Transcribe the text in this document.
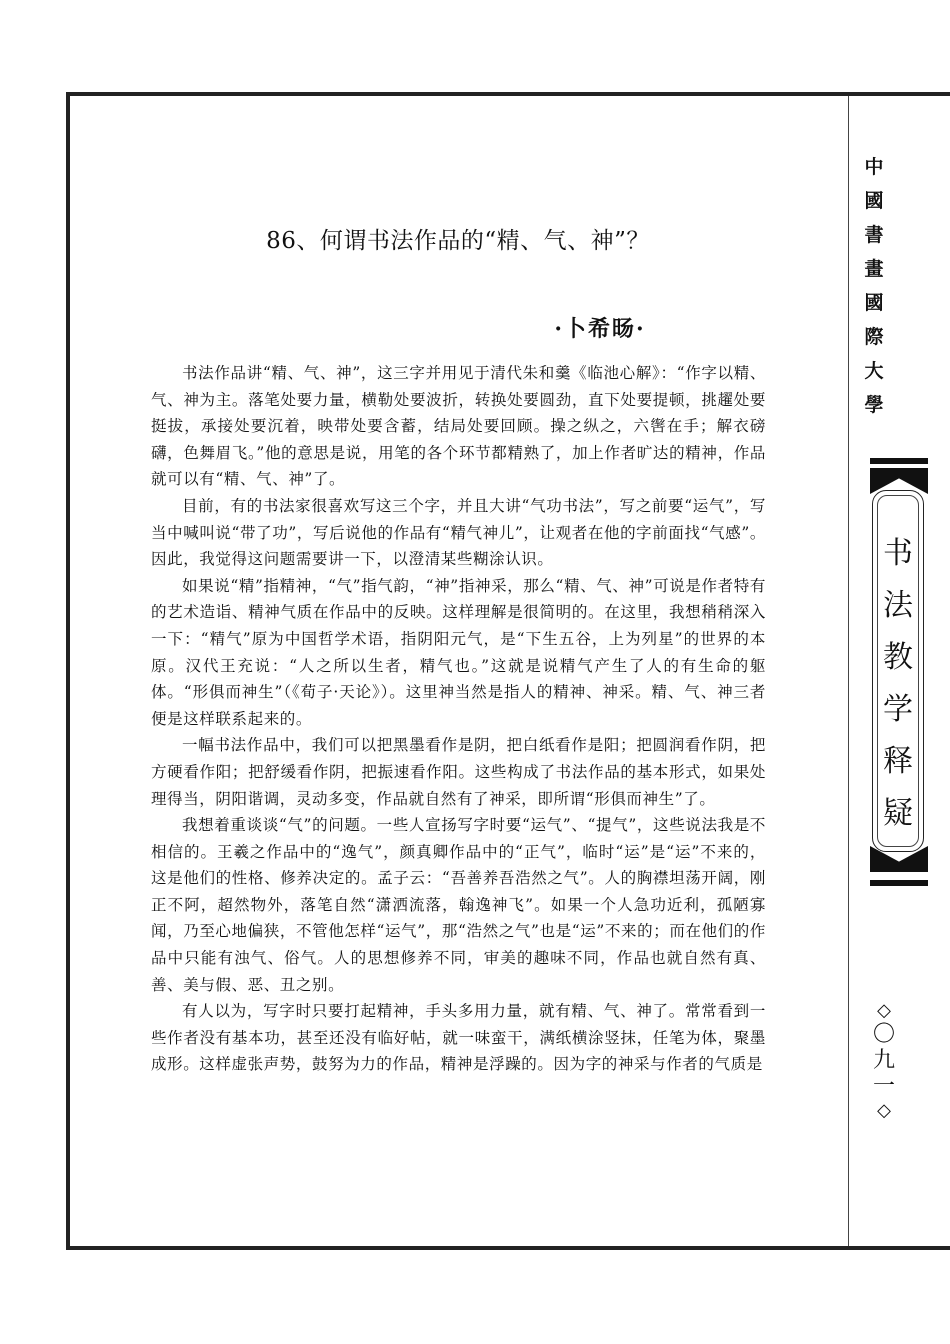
中
國
書
畫
國
際
大
學
书
法
教
学
释
疑
◇
〇
九
一
◇
86、何谓书法作品的“精、气、神”？
·卜希旸·

书法作品讲“精、气、神”，这三字并用见于清代朱和羹《临池心解》：“作字以精、气、神为主。落笔处要力量，横勒处要波折，转换处要圆劲，直下处要提顿，挑趯处要挺拔，承接处要沉着，映带处要含蓄，结局处要回顾。操之纵之，六辔在手；解衣磅礴，色舞眉飞。”他的意思是说，用笔的各个环节都精熟了，加上作者旷达的精神，作品就可以有“精、气、神”了。

目前，有的书法家很喜欢写这三个字，并且大讲“气功书法”，写之前要“运气”，写当中喊叫说“带了功”，写后说他的作品有“精气神儿”，让观者在他的字前面找“气感”。因此，我觉得这问题需要讲一下，以澄清某些糊涂认识。

如果说“精”指精神，“气”指气韵，“神”指神采，那么“精、气、神”可说是作者特有的艺术造诣、精神气质在作品中的反映。这样理解是很简明的。在这里，我想稍稍深入一下：“精气”原为中国哲学术语，指阴阳元气，是“下生五谷，上为列星”的世界的本原。汉代王充说：“人之所以生者，精气也。”这就是说精气产生了人的有生命的躯体。“形俱而神生”（《荀子·天论》）。这里神当然是指人的精神、神采。精、气、神三者便是这样联系起来的。

一幅书法作品中，我们可以把黑墨看作是阴，把白纸看作是阳；把圆润看作阴，把方硬看作阳；把舒缓看作阴，把振速看作阳。这些构成了书法作品的基本形式，如果处理得当，阴阳谐调，灵动多变，作品就自然有了神采，即所谓“形俱而神生”了。

我想着重谈谈“气”的问题。一些人宣扬写字时要“运气”、“提气”，这些说法我是不相信的。王羲之作品中的“逸气”，颜真卿作品中的“正气”，临时“运”是“运”不来的，这是他们的性格、修养决定的。孟子云：“吾善养吾浩然之气”。人的胸襟坦荡开阔，刚正不阿，超然物外，落笔自然“潇洒流落，翰逸神飞”。如果一个人急功近利，孤陋寡闻，乃至心地偏狭，不管他怎样“运气”，那“浩然之气”也是“运”不来的；而在他们的作品中只能有浊气、俗气。人的思想修养不同，审美的趣味不同，作品也就自然有真、善、美与假、恶、丑之别。

有人以为，写字时只要打起精神，手头多用力量，就有精、气、神了。常常看到一些作者没有基本功，甚至还没有临好帖，就一味蛮干，满纸横涂竖抹，任笔为体，聚墨成形。这样虚张声势，鼓努为力的作品，精神是浮躁的。因为字的神采与作者的气质是
